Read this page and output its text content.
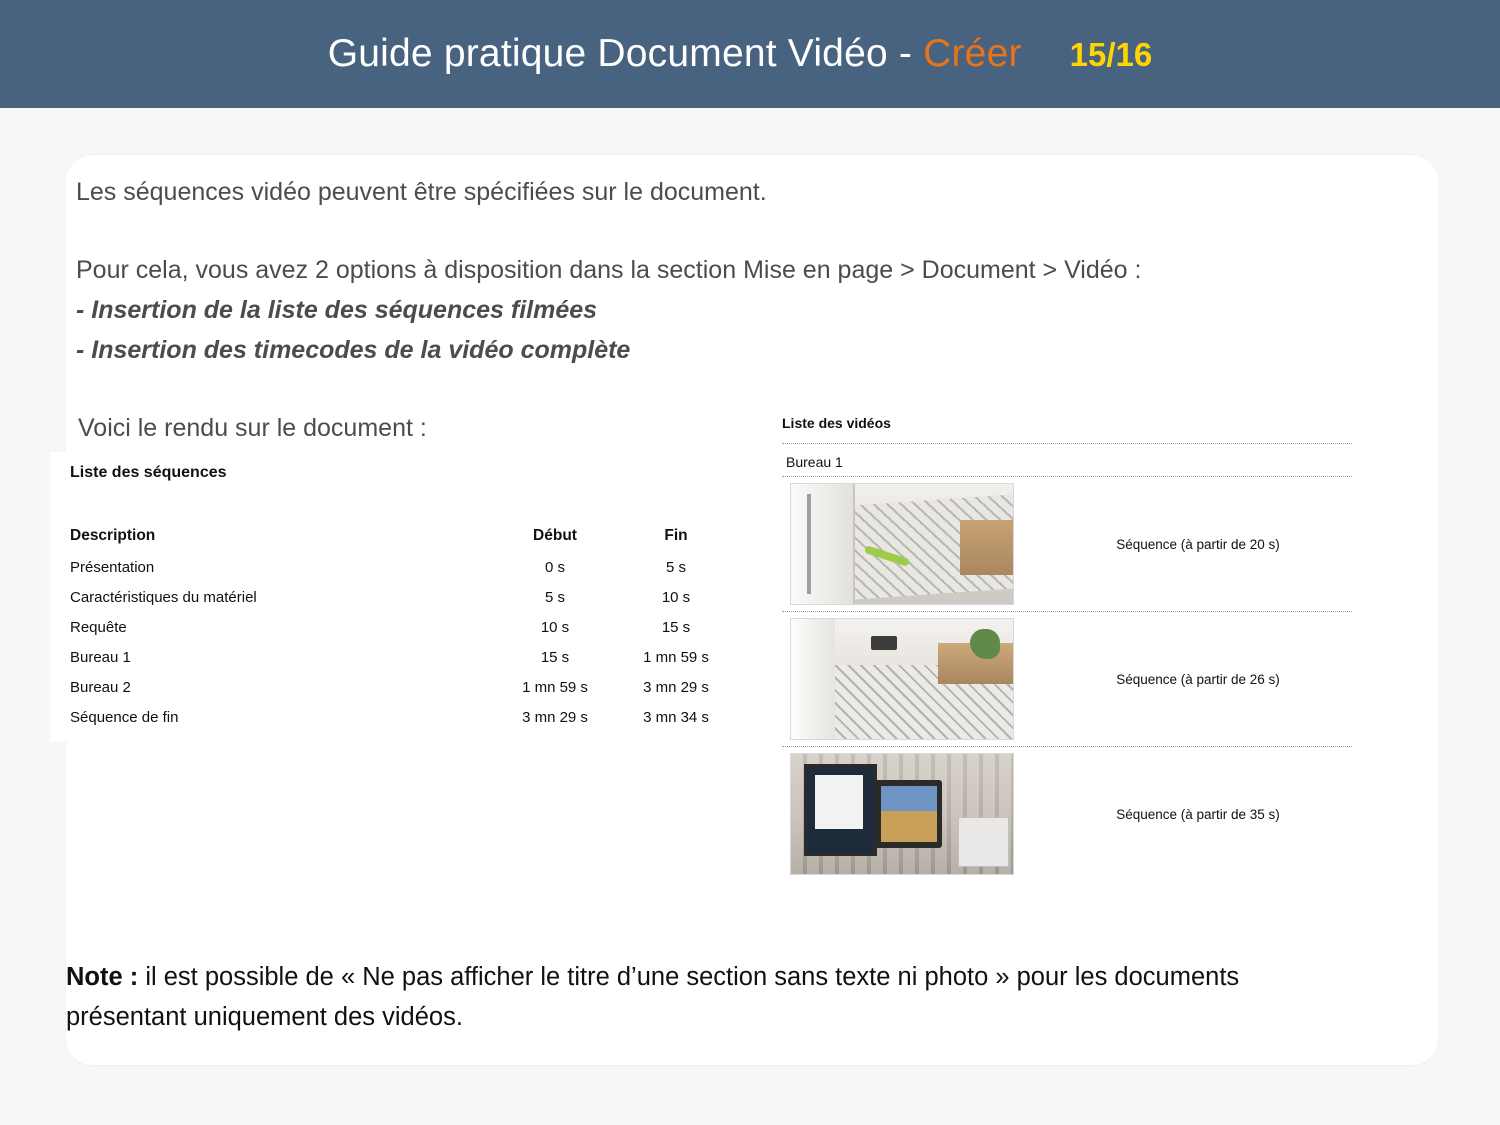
Guide pratique Document Vidéo - Créer 15/16
Les séquences vidéo peuvent être spécifiées sur le document.
Pour cela, vous avez 2 options à disposition dans la section Mise en page > Document > Vidéo :
- Insertion de la liste des séquences filmées
- Insertion des timecodes de la vidéo complète
Voici le rendu sur le document :
Liste des séquences
Description	Début	Fin
Présentation	0 s	5 s
Caractéristiques du matériel	5 s	10 s
Requête	10 s	15 s
Bureau 1	15 s	1 mn 59 s
Bureau 2	1 mn 59 s	3 mn 29 s
Séquence de fin	3 mn 29 s	3 mn 34 s
Liste des vidéos
Bureau 1
Séquence (à partir de 20 s)
Séquence (à partir de 26 s)
Séquence (à partir de 35 s)
Note : il est possible de « Ne pas afficher le titre d’une section sans texte ni photo » pour les documents présentant uniquement des vidéos.
